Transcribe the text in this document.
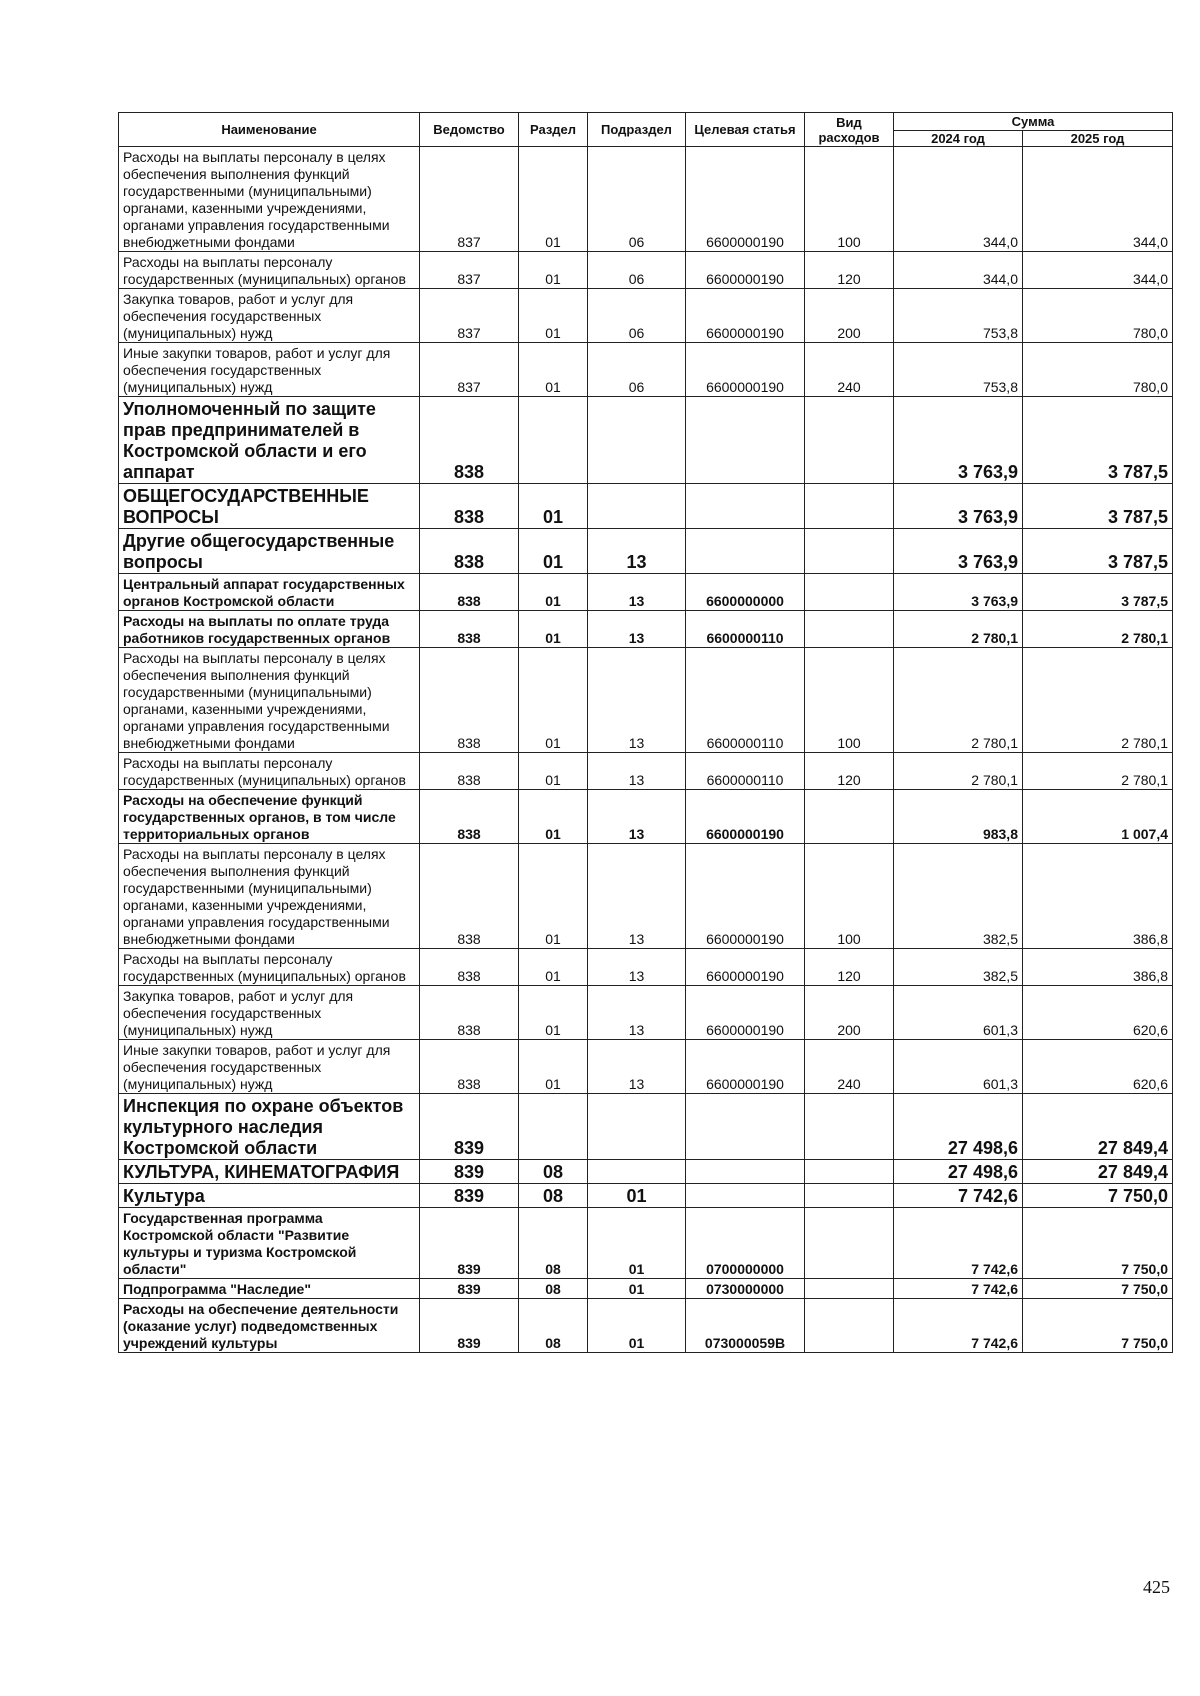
Наименование	Ведомство	Раздел	Подраздел	Целевая статья	Вид расходов	Сумма	
						2024 год	2025 год
Расходы на выплаты персоналу в целях обеспечения выполнения функций государственными (муниципальными) органами, казенными учреждениями, органами управления государственными внебюджетными фондами	837	01	06	6600000190	100	344,0	344,0
Расходы на выплаты персоналу государственных (муниципальных) органов	837	01	06	6600000190	120	344,0	344,0
Закупка товаров, работ и услуг для обеспечения государственных (муниципальных) нужд	837	01	06	6600000190	200	753,8	780,0
Иные закупки товаров, работ и услуг для обеспечения государственных (муниципальных) нужд	837	01	06	6600000190	240	753,8	780,0
Уполномоченный по защите прав предпринимателей в Костромской области и его аппарат	838					3 763,9	3 787,5
ОБЩЕГОСУДАРСТВЕННЫЕ ВОПРОСЫ	838	01				3 763,9	3 787,5
Другие общегосударственные вопросы	838	01	13			3 763,9	3 787,5
Центральный аппарат государственных органов Костромской области	838	01	13	6600000000		3 763,9	3 787,5
Расходы на выплаты по оплате труда работников государственных органов	838	01	13	6600000110		2 780,1	2 780,1
Расходы на выплаты персоналу в целях обеспечения выполнения функций государственными (муниципальными) органами, казенными учреждениями, органами управления государственными внебюджетными фондами	838	01	13	6600000110	100	2 780,1	2 780,1
Расходы на выплаты персоналу государственных (муниципальных) органов	838	01	13	6600000110	120	2 780,1	2 780,1
Расходы на обеспечение функций государственных органов, в том числе территориальных органов	838	01	13	6600000190		983,8	1 007,4
Расходы на выплаты персоналу в целях обеспечения выполнения функций государственными (муниципальными) органами, казенными учреждениями, органами управления государственными внебюджетными фондами	838	01	13	6600000190	100	382,5	386,8
Расходы на выплаты персоналу государственных (муниципальных) органов	838	01	13	6600000190	120	382,5	386,8
Закупка товаров, работ и услуг для обеспечения государственных (муниципальных) нужд	838	01	13	6600000190	200	601,3	620,6
Иные закупки товаров, работ и услуг для обеспечения государственных (муниципальных) нужд	838	01	13	6600000190	240	601,3	620,6
Инспекция по охране объектов культурного наследия Костромской области	839					27 498,6	27 849,4
КУЛЬТУРА, КИНЕМАТОГРАФИЯ	839	08				27 498,6	27 849,4
Культура	839	08	01			7 742,6	7 750,0
Государственная программа Костромской области "Развитие культуры и туризма Костромской области"	839	08	01	0700000000		7 742,6	7 750,0
Подпрограмма "Наследие"	839	08	01	0730000000		7 742,6	7 750,0
Расходы на обеспечение деятельности (оказание услуг) подведомственных учреждений культуры	839	08	01	073000059В		7 742,6	7 750,0
425
